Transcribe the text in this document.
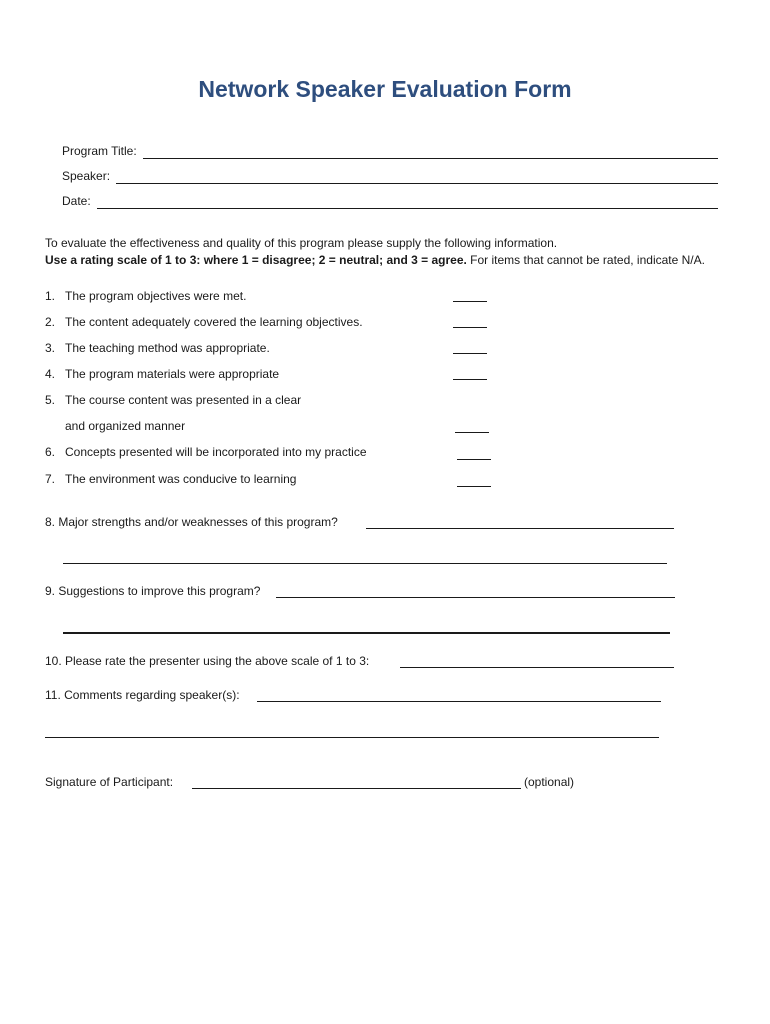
Network Speaker Evaluation Form
Program Title:
Speaker:
Date:
To evaluate the effectiveness and quality of this program please supply the following information.
Use a rating scale of 1 to 3: where 1 = disagree; 2 = neutral; and 3 = agree. For items that cannot be rated, indicate N/A.
1. The program objectives were met.
2. The content adequately covered the learning objectives.
3. The teaching method was appropriate.
4. The program materials were appropriate
5. The course content was presented in a clear
and organized manner
6. Concepts presented will be incorporated into my practice
7. The environment was conducive to learning
8. Major strengths and/or weaknesses of this program?
9. Suggestions to improve this program?
10. Please rate the presenter using the above scale of 1 to 3:
11. Comments regarding speaker(s):
Signature of Participant:	(optional)
